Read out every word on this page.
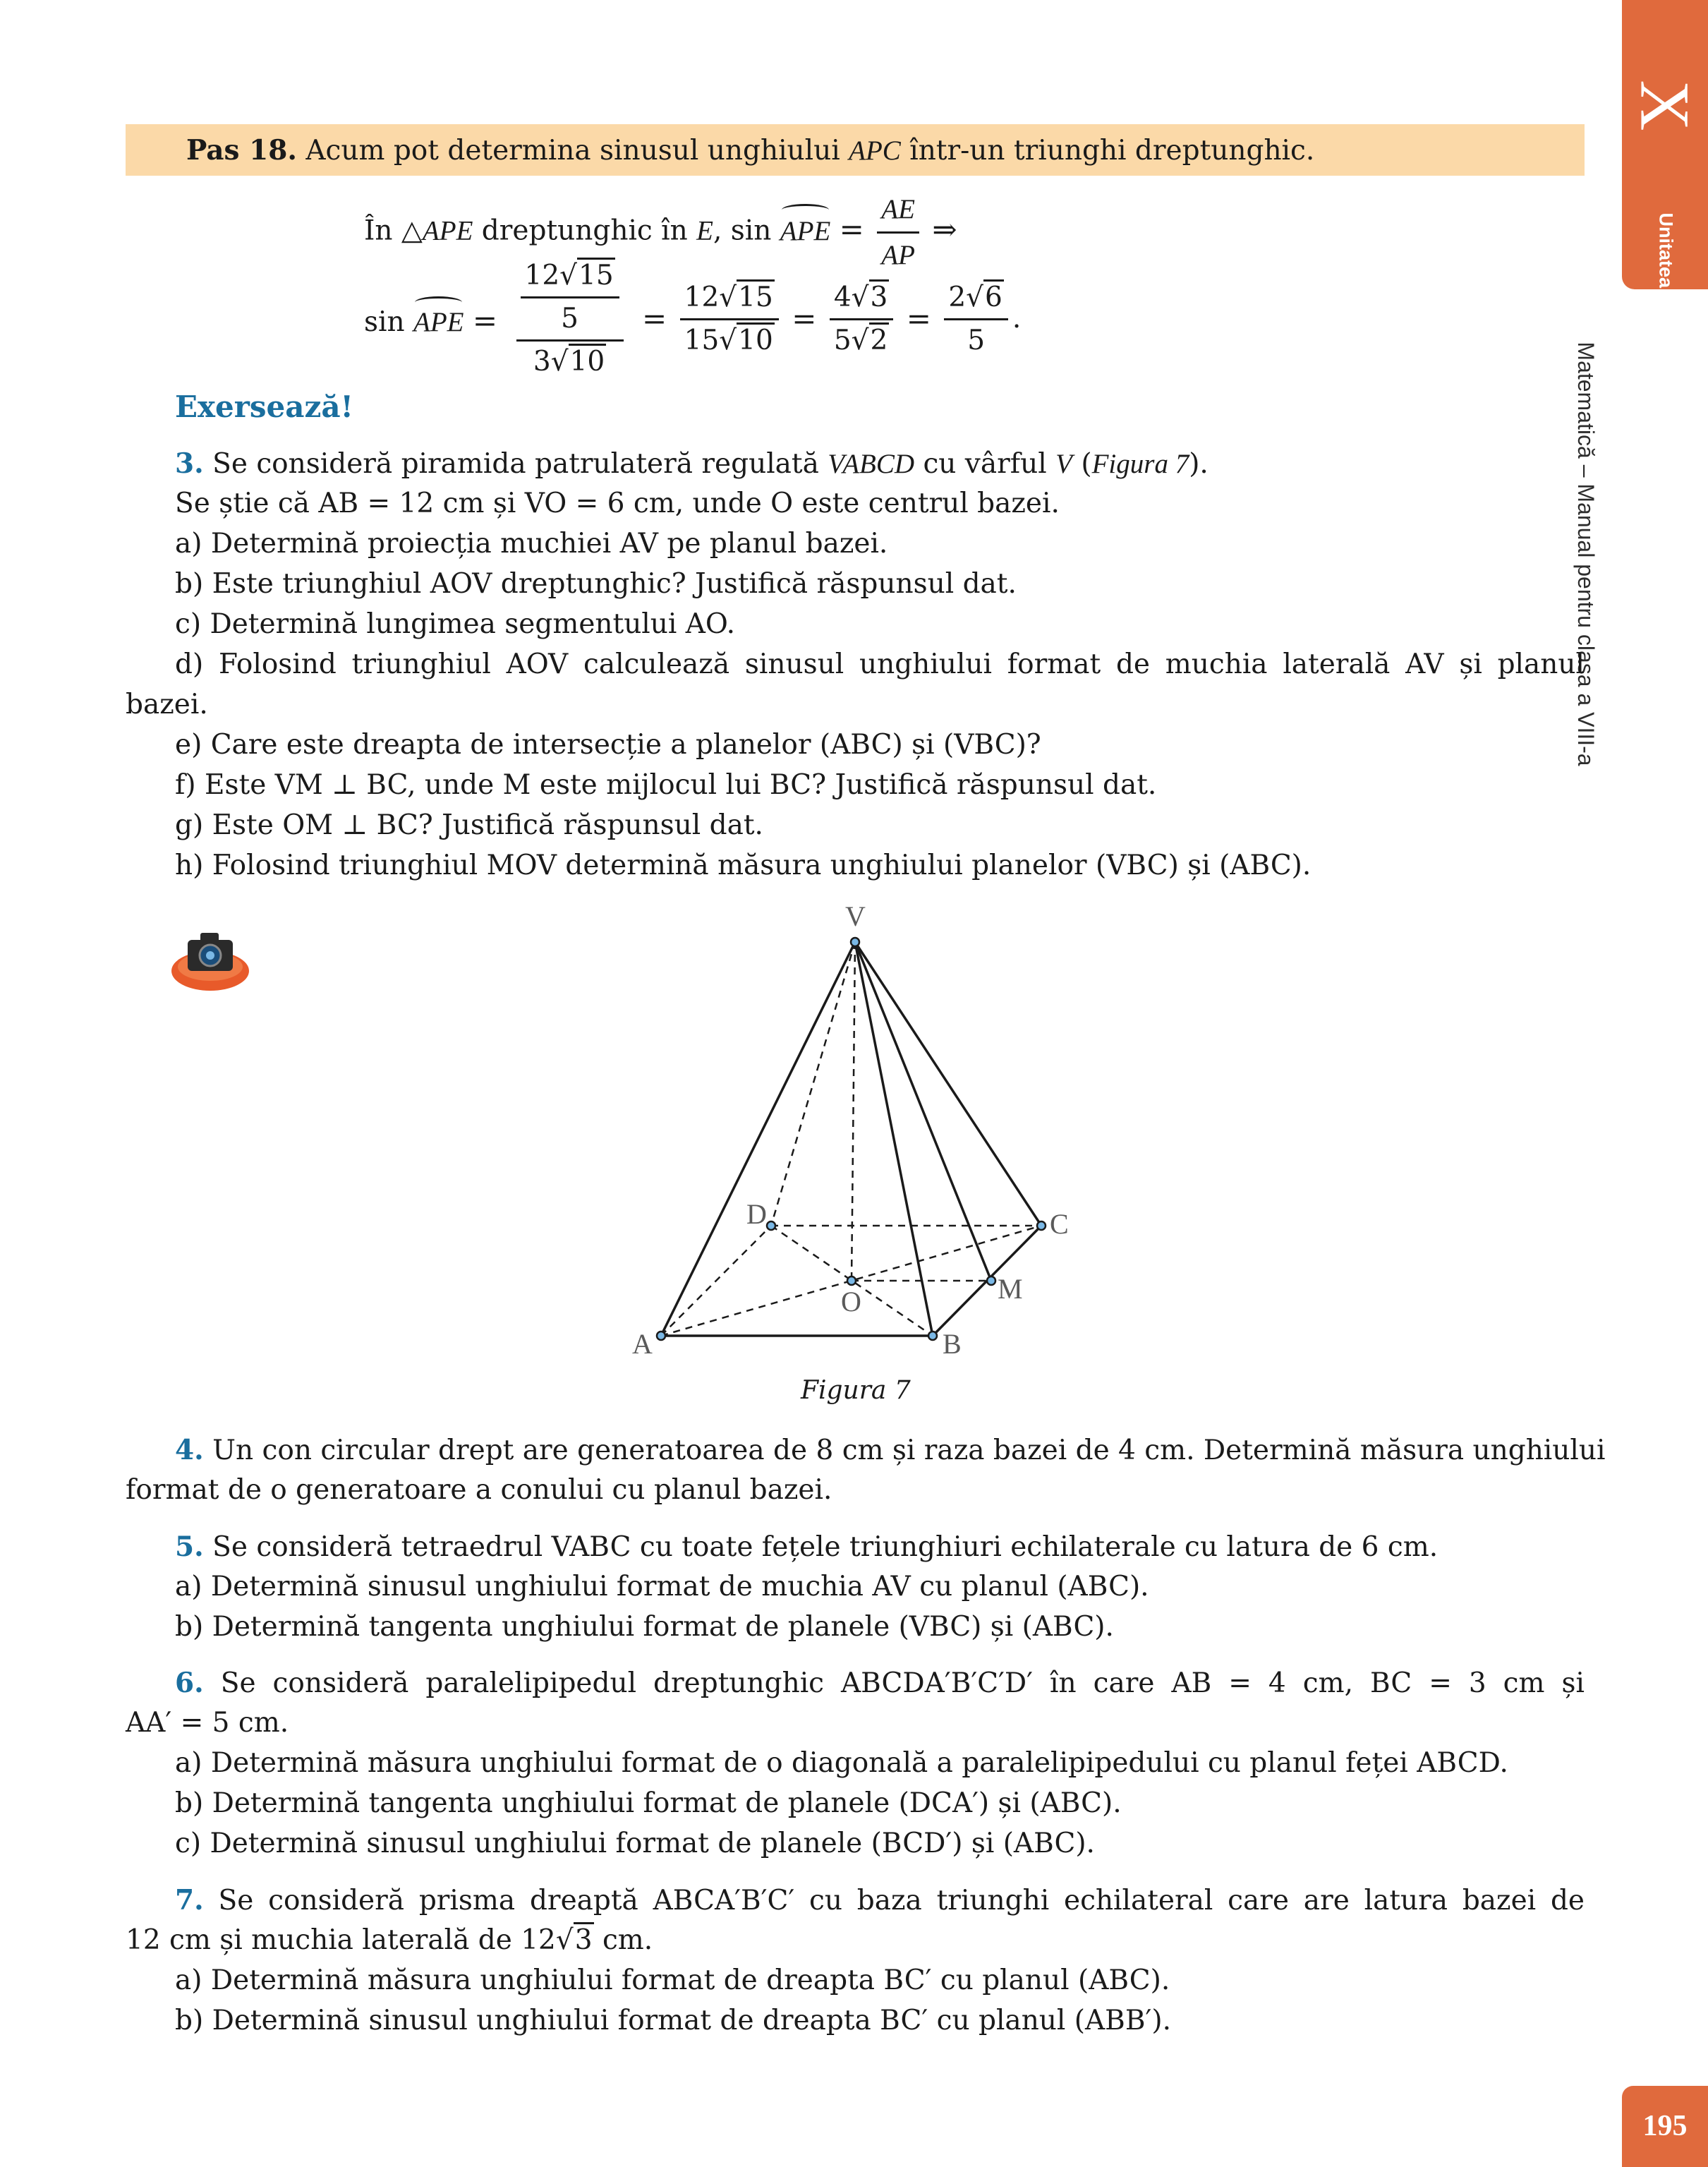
X
Unitatea
Matematică – Manual pentru clasa a VIII-a
195
Pas 18. Acum pot determina sinusul unghiului APC într-un triunghi dreptunghic.
În △APE dreptunghic în E, sin APE = $\frac{AE}{AP}$ ⇒
sin APE = $\frac{\frac{12√15}{5}}{3√10} = \frac{12√15}{15√10} = \frac{4√3}{5√2} = \frac{2√6}{5}$ .
Exersează!
3. Se consideră piramida patrulateră regulată VABCD cu vârful V (Figura 7).
Se știe că AB = 12 cm și VO = 6 cm, unde O este centrul bazei.
a) Determină proiecția muchiei AV pe planul bazei.
b) Este triunghiul AOV dreptunghic? Justifică răspunsul dat.
c) Determină lungimea segmentului AO.
d) Folosind triunghiul AOV calculează sinusul unghiului format de muchia laterală AV și planul
bazei.
e) Care este dreapta de intersecție a planelor (ABC) și (VBC)?
f) Este VM ⊥ BC, unde M este mijlocul lui BC? Justifică răspunsul dat.
g) Este OM ⊥ BC? Justifică răspunsul dat.
h) Folosind triunghiul MOV determină măsura unghiului planelor (VBC) și (ABC).
V
D	C
O	M
A	B
Figura 7
4. Un con circular drept are generatoarea de 8 cm și raza bazei de 4 cm. Determină măsura unghiului
format de o generatoare a conului cu planul bazei.
5. Se consideră tetraedrul VABC cu toate fețele triunghiuri echilaterale cu latura de 6 cm.
a) Determină sinusul unghiului format de muchia AV cu planul (ABC).
b) Determină tangenta unghiului format de planele (VBC) și (ABC).
6. Se consideră paralelipipedul dreptunghic ABCDA′B′C′D′ în care AB = 4 cm, BC = 3 cm și
AA′ = 5 cm.
a) Determină măsura unghiului format de o diagonală a paralelipipedului cu planul feței ABCD.
b) Determină tangenta unghiului format de planele (DCA′) și (ABC).
c) Determină sinusul unghiului format de planele (BCD′) și (ABC).
7. Se consideră prisma dreaptă ABCA′B′C′ cu baza triunghi echilateral care are latura bazei de
12 cm și muchia laterală de 12√3 cm.
a) Determină măsura unghiului format de dreapta BC′ cu planul (ABC).
b) Determină sinusul unghiului format de dreapta BC′ cu planul (ABB′).
